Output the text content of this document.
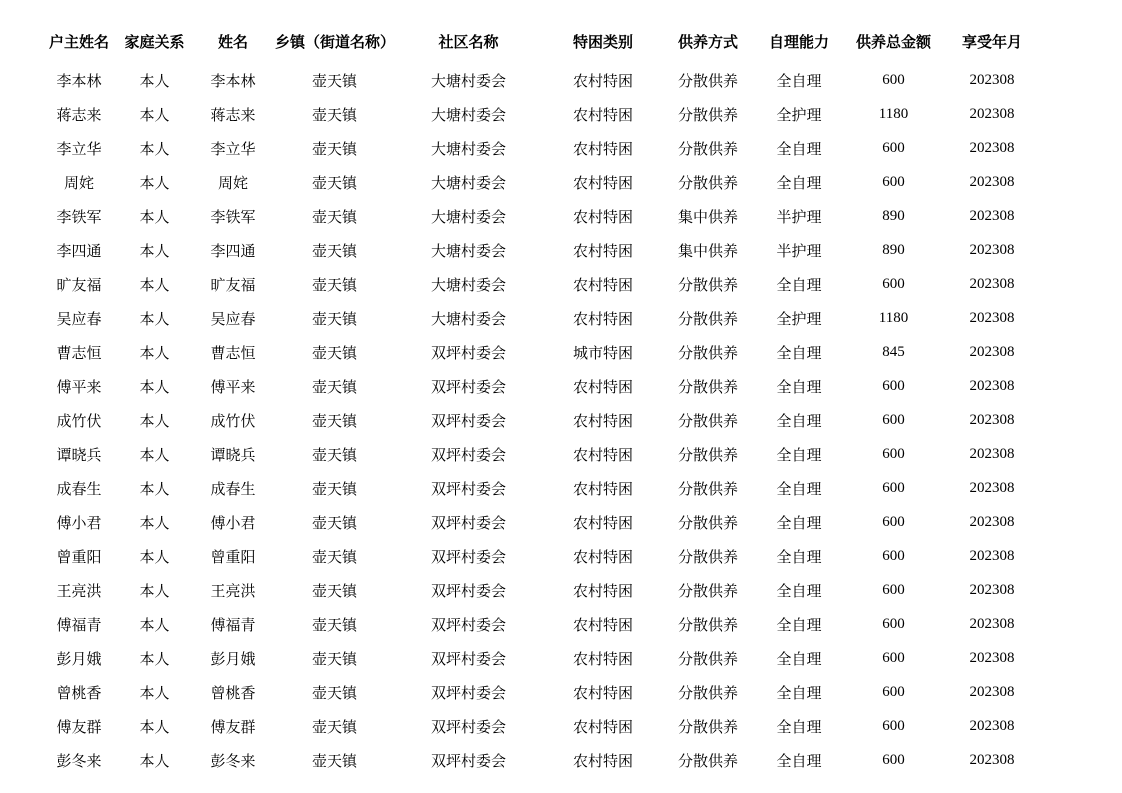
户主姓名	家庭关系	姓名	乡镇（街道名称）	社区名称	特困类别	供养方式	自理能力	供养总金额	享受年月
李本林	本人	李本林	壶天镇	大塘村委会	农村特困	分散供养	全自理	600	202308
蒋志来	本人	蒋志来	壶天镇	大塘村委会	农村特困	分散供养	全护理	1180	202308
李立华	本人	李立华	壶天镇	大塘村委会	农村特困	分散供养	全自理	600	202308
周姹	本人	周姹	壶天镇	大塘村委会	农村特困	分散供养	全自理	600	202308
李铁军	本人	李铁军	壶天镇	大塘村委会	农村特困	集中供养	半护理	890	202308
李四通	本人	李四通	壶天镇	大塘村委会	农村特困	集中供养	半护理	890	202308
旷友福	本人	旷友福	壶天镇	大塘村委会	农村特困	分散供养	全自理	600	202308
吴应春	本人	吴应春	壶天镇	大塘村委会	农村特困	分散供养	全护理	1180	202308
曹志恒	本人	曹志恒	壶天镇	双坪村委会	城市特困	分散供养	全自理	845	202308
傅平来	本人	傅平来	壶天镇	双坪村委会	农村特困	分散供养	全自理	600	202308
成竹伏	本人	成竹伏	壶天镇	双坪村委会	农村特困	分散供养	全自理	600	202308
谭晓兵	本人	谭晓兵	壶天镇	双坪村委会	农村特困	分散供养	全自理	600	202308
成春生	本人	成春生	壶天镇	双坪村委会	农村特困	分散供养	全自理	600	202308
傅小君	本人	傅小君	壶天镇	双坪村委会	农村特困	分散供养	全自理	600	202308
曾重阳	本人	曾重阳	壶天镇	双坪村委会	农村特困	分散供养	全自理	600	202308
王亮洪	本人	王亮洪	壶天镇	双坪村委会	农村特困	分散供养	全自理	600	202308
傅福青	本人	傅福青	壶天镇	双坪村委会	农村特困	分散供养	全自理	600	202308
彭月娥	本人	彭月娥	壶天镇	双坪村委会	农村特困	分散供养	全自理	600	202308
曾桃香	本人	曾桃香	壶天镇	双坪村委会	农村特困	分散供养	全自理	600	202308
傅友群	本人	傅友群	壶天镇	双坪村委会	农村特困	分散供养	全自理	600	202308
彭冬来	本人	彭冬来	壶天镇	双坪村委会	农村特困	分散供养	全自理	600	202308
